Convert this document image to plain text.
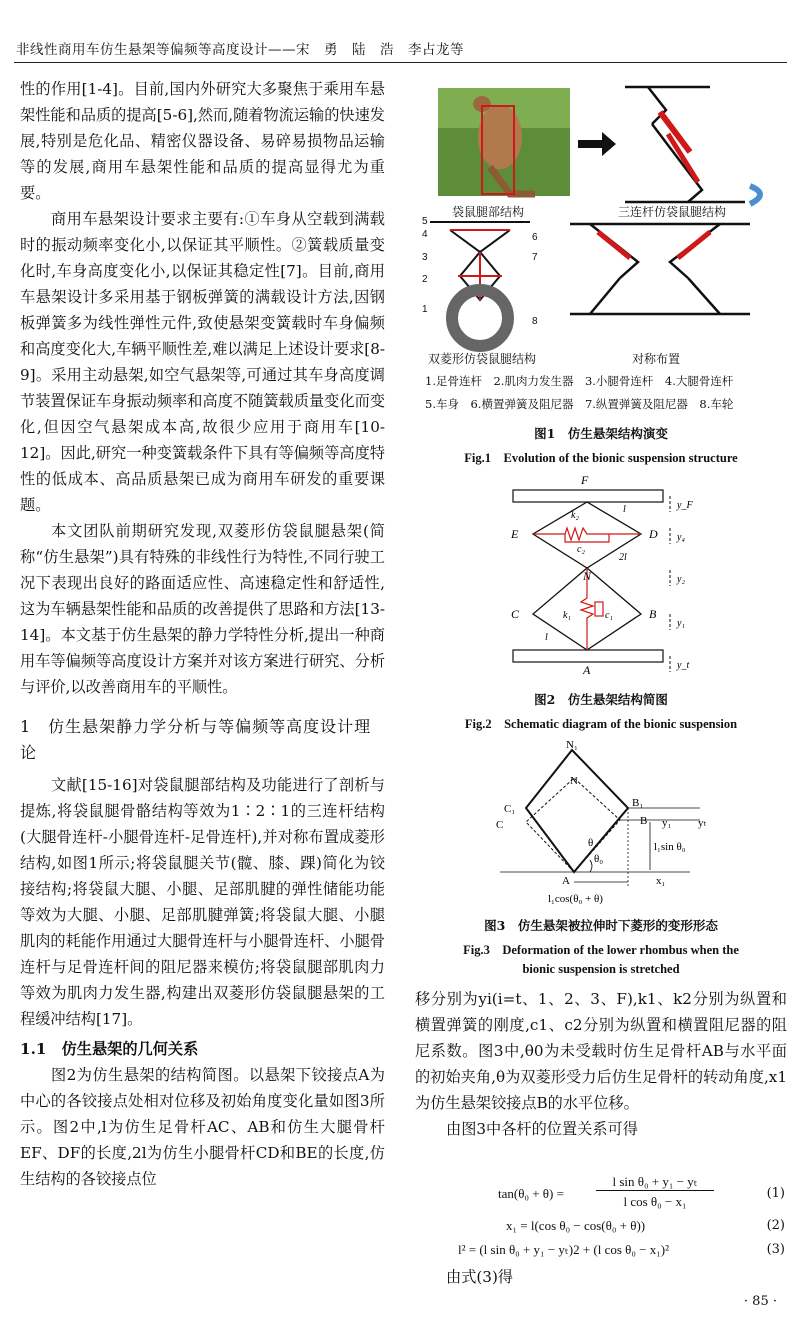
非线性商用车仿生悬架等偏频等高度设计——宋　勇　陆　浩　李占龙等

性的作用[1-4]。目前,国内外研究大多聚焦于乘用车悬架性能和品质的提高[5-6],然而,随着物流运输的快速发展,特别是危化品、精密仪器设备、易碎易损物品运输等的发展,商用车悬架性能和品质的提高显得尤为重要。

商用车悬架设计要求主要有:①车身从空载到满载时的振动频率变化小,以保证其平顺性。②簧载质量变化时,车身高度变化小,以保证其稳定性[7]。目前,商用车悬架设计多采用基于钢板弹簧的满载设计方法,因钢板弹簧多为线性弹性元件,致使悬架变簧载时车身偏频和高度变化大,车辆平顺性差,难以满足上述设计要求[8-9]。采用主动悬架,如空气悬架等,可通过其车身高度调节装置保证车身振动频率和高度不随簧载质量变化而变化,但因空气悬架成本高,故很少应用于商用车[10-12]。因此,研究一种变簧载条件下具有等偏频等高度特性的低成本、高品质悬架已成为商用车研发的重要课题。

本文团队前期研究发现,双菱形仿袋鼠腿悬架(简称“仿生悬架”)具有特殊的非线性行为特性,不同行驶工况下表现出良好的路面适应性、高速稳定性和舒适性,这为车辆悬架性能和品质的改善提供了思路和方法[13-14]。本文基于仿生悬架的静力学特性分析,提出一种商用车等偏频等高度设计方案并对该方案进行研究、分析与评价,以改善商用车的平顺性。

1　仿生悬架静力学分析与等偏频等高度设计理论

文献[15-16]对袋鼠腿部结构及功能进行了剖析与提炼,将袋鼠腿骨骼结构等效为1∶2∶1的三连杆结构(大腿骨连杆-小腿骨连杆-足骨连杆),并对称布置成菱形结构,如图1所示;将袋鼠腿关节(髋、膝、踝)简化为铰接结构;将袋鼠大腿、小腿、足部肌腱的弹性储能功能等效为大腿、小腿、足部肌腱弹簧;将袋鼠大腿、小腿肌肉的耗能作用通过大腿骨连杆与小腿骨连杆、小腿骨连杆与足骨连杆间的阻尼器来模仿;将袋鼠腿部肌肉力等效为肌肉力发生器,构建出双菱形仿袋鼠腿悬架的工程缓冲结构[17]。

1.1　仿生悬架的几何关系

图2为仿生悬架的结构简图。以悬架下铰接点A为中心的各铰接点处相对位移及初始角度变化量如图3所示。图2中,l为仿生足骨杆AC、AB和仿生大腿骨杆EF、DF的长度,2l为仿生小腿骨杆CD和BE的长度,仿生结构的各铰接点位

5
4
3
2
1
6
7
8
袋鼠腿部结构	三连杆仿袋鼠腿结构
双菱形仿袋鼠腿结构	对称布置
1.足骨连杆　2.肌肉力发生器　3.小腿骨连杆　4.大腿骨连杆
5.车身　6.横置弹簧及阻尼器　7.纵置弹簧及阻尼器　8.车轮
图1　仿生悬架结构演变
Fig.1　Evolution of the bionic suspension structure
F
E	D
N
C	B
A
k₂
l
c₂
2l
k₁	c₁
l
y_F
y₄
y₂
y₁
y_t
图2　仿生悬架结构简图
Fig.2　Schematic diagram of the bionic suspension
N₁
N
C₁
C
B₁
B
A
y₁ yₜ
l₁sin θ₀
θ₀
θ
x₁
l₁cos(θ₀ + θ)
图3　仿生悬架被拉伸时下菱形的变形形态
Fig.3　Deformation of the lower rhombus when the
bionic suspension is stretched

移分别为yi(i=t、1、2、3、F),k1、k2分别为纵置和横置弹簧的刚度,c1、c2分别为纵置和横置阻尼器的阻尼系数。图3中,θ0为未受载时仿生足骨杆AB与水平面的初始夹角,θ为双菱形受力后仿生足骨杆的转动角度,x1为仿生悬架铰接点B的水平位移。

由图3中各杆的位置关系可得

tan(θ₀ + θ) =
l sin θ₀ + y₁ − yₜ
l cos θ₀ − x₁
(1)
x₁ = l(cos θ₀ − cos(θ₀ + θ))	(2)
l² = (l sin θ₀ + y₁ − yₜ)2 + (l cos θ₀ − x₁)²	(3)

由式(3)得

· 85 ·
